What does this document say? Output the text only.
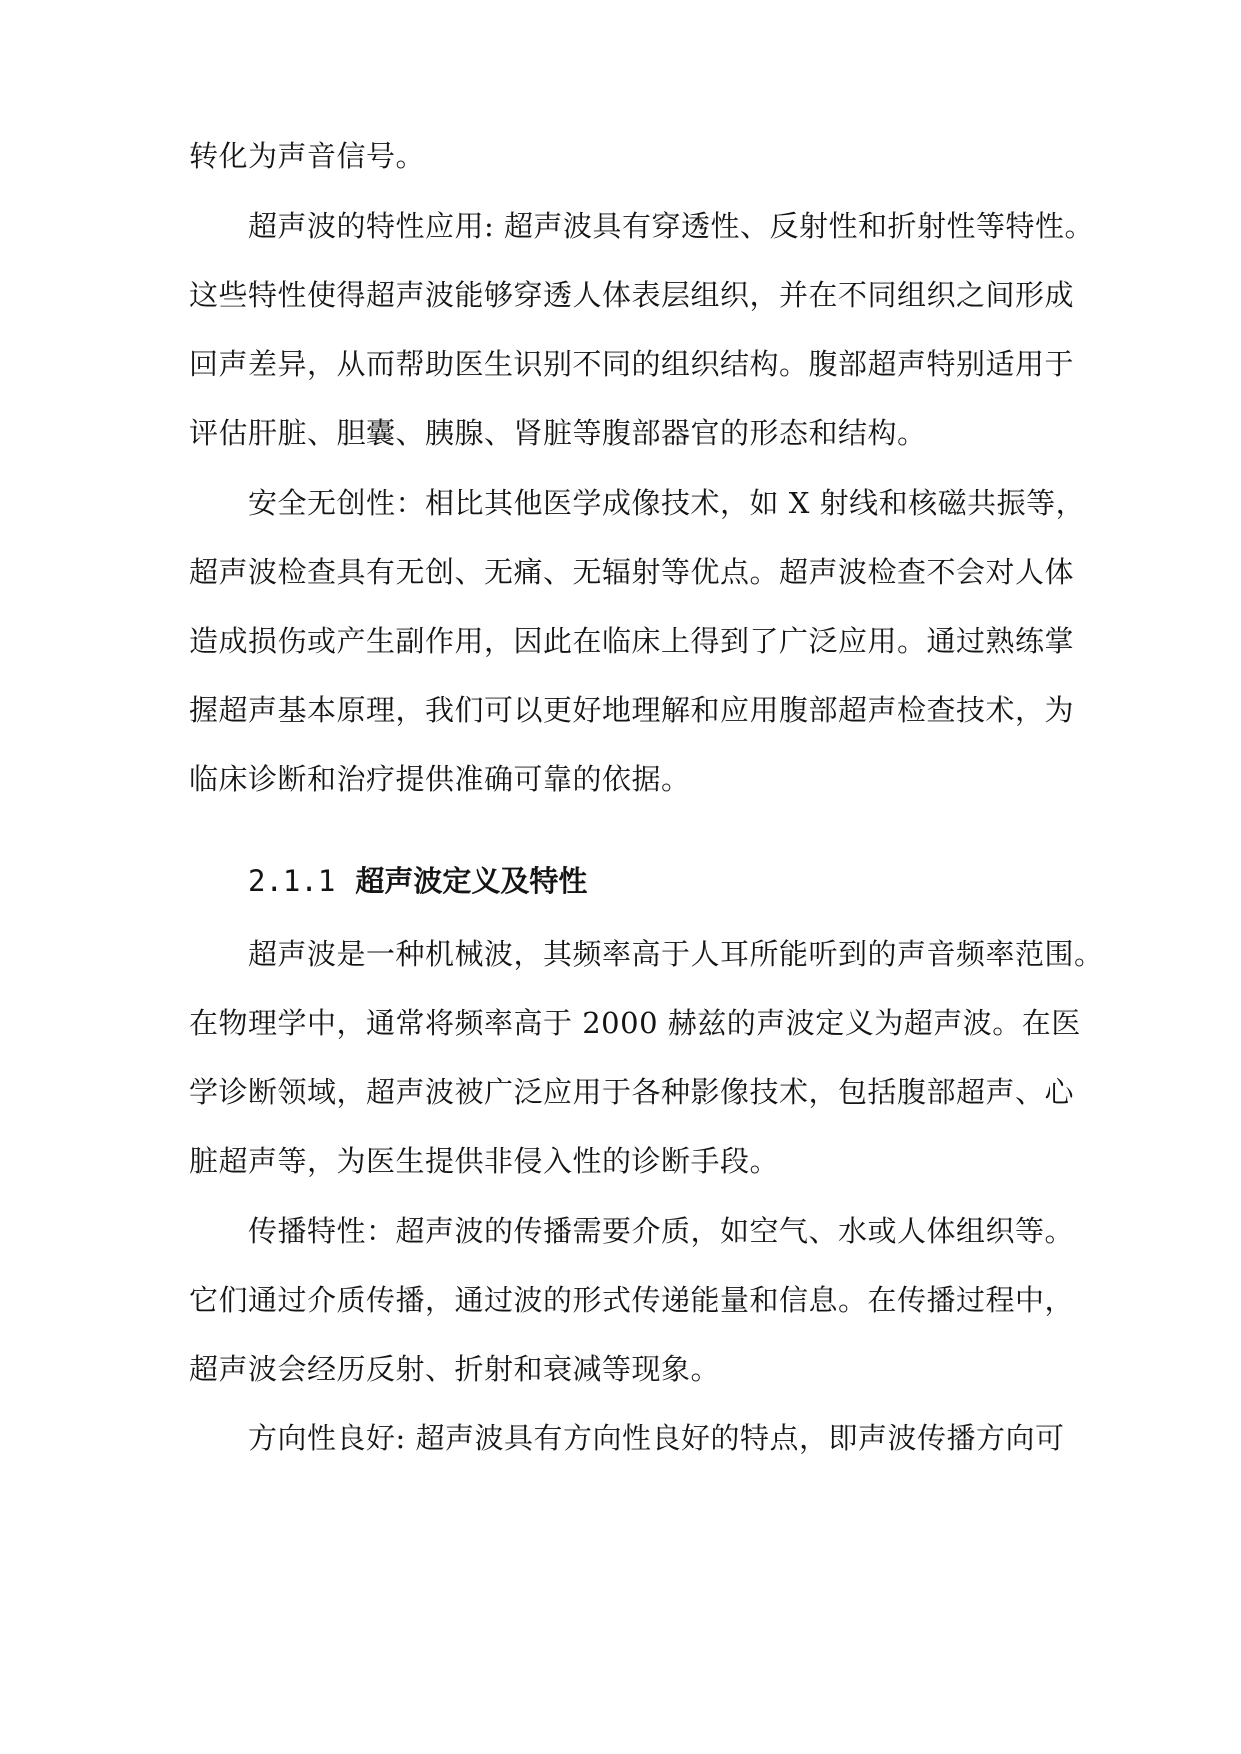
转化为声音信号。
超声波的特性应用: 超声波具有穿透性、反射性和折射性等特性。
这些特性使得超声波能够穿透人体表层组织，并在不同组织之间形成
回声差异，从而帮助医生识别不同的组织结构。腹部超声特别适用于
评估肝脏、胆囊、胰腺、肾脏等腹部器官的形态和结构。
安全无创性：相比其他医学成像技术，如 X 射线和核磁共振等，
超声波检查具有无创、无痛、无辐射等优点。超声波检查不会对人体
造成损伤或产生副作用，因此在临床上得到了广泛应用。通过熟练掌
握超声基本原理，我们可以更好地理解和应用腹部超声检查技术，为
临床诊断和治疗提供准确可靠的依据。
2.1.1 超声波定义及特性
超声波是一种机械波，其频率高于人耳所能听到的声音频率范围。
在物理学中，通常将频率高于 2000 赫兹的声波定义为超声波。在医
学诊断领域，超声波被广泛应用于各种影像技术，包括腹部超声、心
脏超声等，为医生提供非侵入性的诊断手段。
传播特性：超声波的传播需要介质，如空气、水或人体组织等。
它们通过介质传播，通过波的形式传递能量和信息。在传播过程中，
超声波会经历反射、折射和衰减等现象。
方向性良好: 超声波具有方向性良好的特点，即声波传播方向可
